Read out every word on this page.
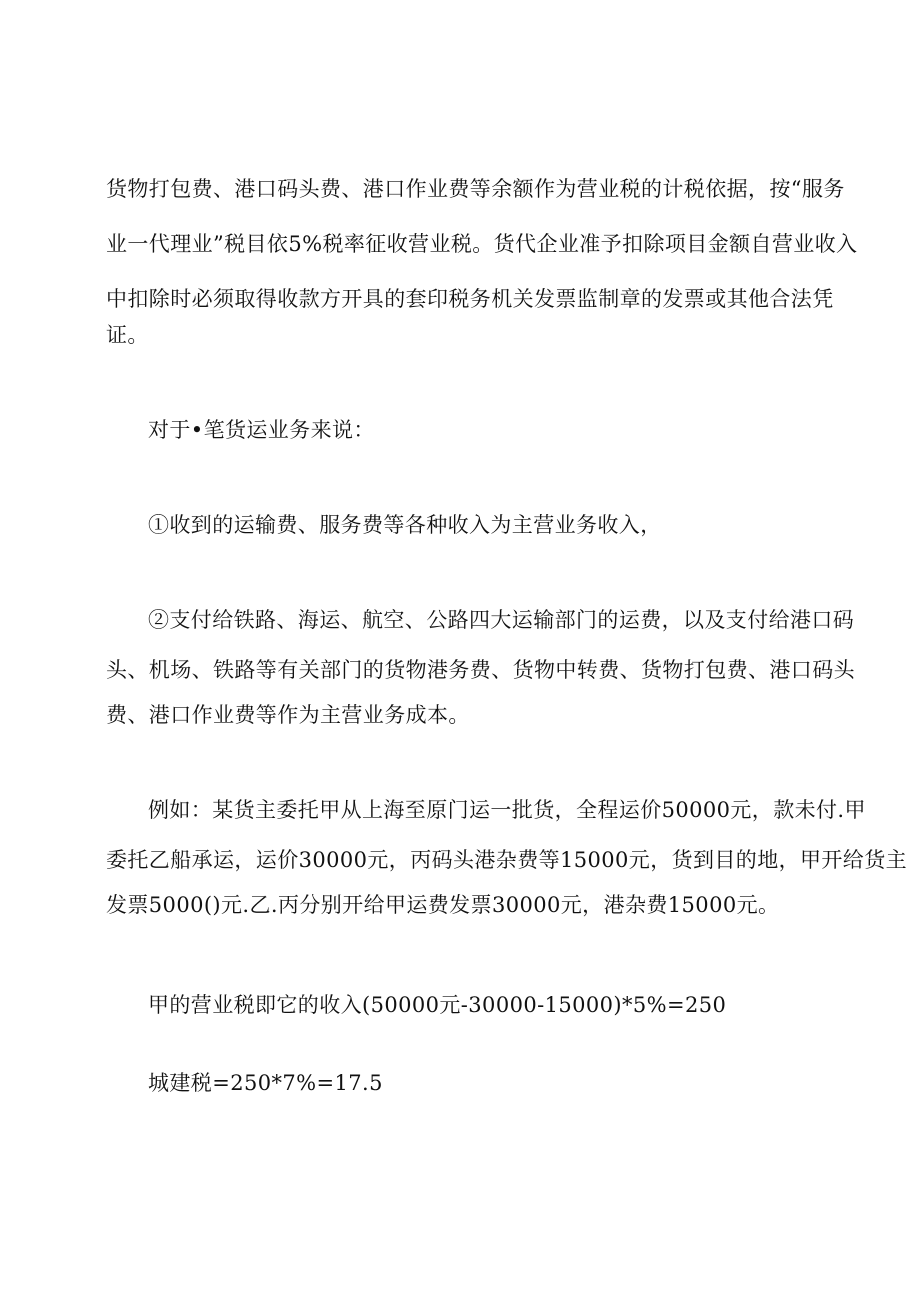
货物打包费、港口码头费、港口作业费等余额作为营业税的计税依据，按“服务
业一代理业”税目依5%税率征收营业税。货代企业准予扣除项目金额自营业收入
中扣除时必须取得收款方开具的套印税务机关发票监制章的发票或其他合法凭
证。
对于•笔货运业务来说：
①收到的运输费、服务费等各种收入为主营业务收入，
②支付给铁路、海运、航空、公路四大运输部门的运费，以及支付给港口码
头、机场、铁路等有关部门的货物港务费、货物中转费、货物打包费、港口码头
费、港口作业费等作为主营业务成本。
例如：某货主委托甲从上海至原门运一批货，全程运价50000元，款未付.甲
委托乙船承运，运价30000元，丙码头港杂费等15000元，货到目的地，甲开给货主
发票5000()元.乙.丙分别开给甲运费发票30000元，港杂费15000元。
甲的营业税即它的收入(50000元-30000-15000)*5%=250
城建税=250*7%=17.5
